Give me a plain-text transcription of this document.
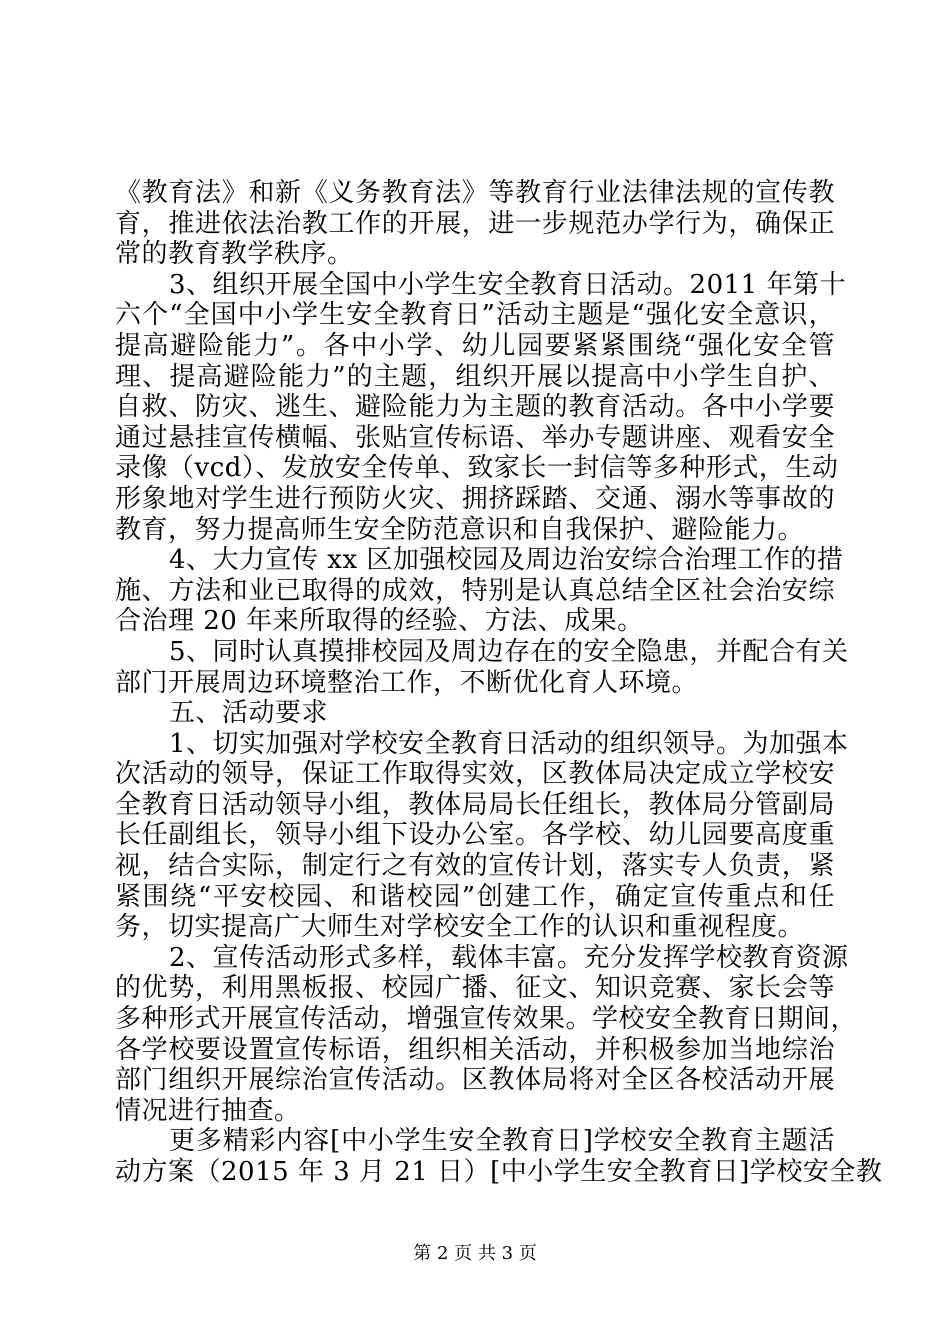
《教育法》和新《义务教育法》等教育行业法律法规的宣传教
育，推进依法治教工作的开展，进一步规范办学行为，确保正
常的教育教学秩序。
3、组织开展全国中小学生安全教育日活动。2011 年第十
六个“全国中小学生安全教育日”活动主题是“强化安全意识，
提高避险能力”。各中小学、幼儿园要紧紧围绕“强化安全管
理、提高避险能力”的主题，组织开展以提高中小学生自护、
自救、防灾、逃生、避险能力为主题的教育活动。各中小学要
通过悬挂宣传横幅、张贴宣传标语、举办专题讲座、观看安全
录像（vcd）、发放安全传单、致家长一封信等多种形式，生动
形象地对学生进行预防火灾、拥挤踩踏、交通、溺水等事故的
教育，努力提高师生安全防范意识和自我保护、避险能力。
4、大力宣传 xx 区加强校园及周边治安综合治理工作的措
施、方法和业已取得的成效，特别是认真总结全区社会治安综
合治理 20 年来所取得的经验、方法、成果。
5、同时认真摸排校园及周边存在的安全隐患，并配合有关
部门开展周边环境整治工作，不断优化育人环境。
五、活动要求
1、切实加强对学校安全教育日活动的组织领导。为加强本
次活动的领导，保证工作取得实效，区教体局决定成立学校安
全教育日活动领导小组，教体局局长任组长，教体局分管副局
长任副组长，领导小组下设办公室。各学校、幼儿园要高度重
视，结合实际，制定行之有效的宣传计划，落实专人负责，紧
紧围绕“平安校园、和谐校园”创建工作，确定宣传重点和任
务，切实提高广大师生对学校安全工作的认识和重视程度。
2、宣传活动形式多样，载体丰富。充分发挥学校教育资源
的优势，利用黑板报、校园广播、征文、知识竞赛、家长会等
多种形式开展宣传活动，增强宣传效果。学校安全教育日期间，
各学校要设置宣传标语，组织相关活动，并积极参加当地综治
部门组织开展综治宣传活动。区教体局将对全区各校活动开展
情况进行抽查。
更多精彩内容[中小学生安全教育日]学校安全教育主题活
动方案（2015 年 3 月 21 日）[中小学生安全教育日]学校安全教
第 2 页 共 3 页
